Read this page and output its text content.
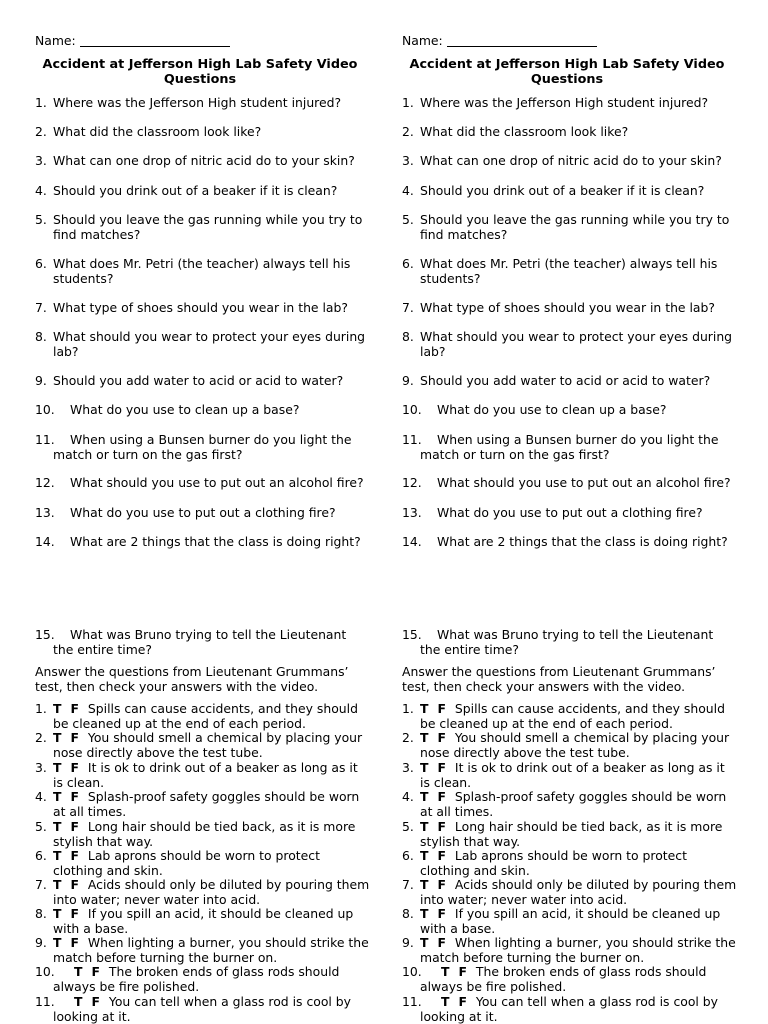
Name:
Accident at Jefferson High Lab Safety Video Questions
1. Where was the Jefferson High student injured?
2. What did the classroom look like?
3. What can one drop of nitric acid do to your skin?
4. Should you drink out of a beaker if it is clean?
5. Should you leave the gas running while you try to find matches?
6. What does Mr. Petri (the teacher) always tell his students?
7. What type of shoes should you wear in the lab?
8. What should you wear to protect your eyes during lab?
9. Should you add water to acid or acid to water?
10.	What do you use to clean up a base?
11.	When using a Bunsen burner do you light the match or turn on the gas first?
12.	What should you use to put out an alcohol fire?
13.	What do you use to put out a clothing fire?
14.	What are 2 things that the class is doing right?
15.	What was Bruno trying to tell the Lieutenant the entire time?
Answer the questions from Lieutenant Grummans’ test, then check your answers with the video.
1. T F Spills can cause accidents, and they should be cleaned up at the end of each period.
2. T F You should smell a chemical by placing your nose directly above the test tube.
3. T F It is ok to drink out of a beaker as long as it is clean.
4. T F Splash-proof safety goggles should be worn at all times.
5. T F Long hair should be tied back, as it is more stylish that way.
6. T F Lab aprons should be worn to protect clothing and skin.
7. T F Acids should only be diluted by pouring them into water; never water into acid.
8. T F If you spill an acid, it should be cleaned up with a base.
9. T F When lighting a burner, you should strike the match before turning the burner on.
10.	T F The broken ends of glass rods should always be fire polished.
11.	T F You can tell when a glass rod is cool by looking at it.
Name:
Accident at Jefferson High Lab Safety Video Questions
1. Where was the Jefferson High student injured?
2. What did the classroom look like?
3. What can one drop of nitric acid do to your skin?
4. Should you drink out of a beaker if it is clean?
5. Should you leave the gas running while you try to find matches?
6. What does Mr. Petri (the teacher) always tell his students?
7. What type of shoes should you wear in the lab?
8. What should you wear to protect your eyes during lab?
9. Should you add water to acid or acid to water?
10.	What do you use to clean up a base?
11.	When using a Bunsen burner do you light the match or turn on the gas first?
12.	What should you use to put out an alcohol fire?
13.	What do you use to put out a clothing fire?
14.	What are 2 things that the class is doing right?
15.	What was Bruno trying to tell the Lieutenant the entire time?
Answer the questions from Lieutenant Grummans’ test, then check your answers with the video.
1. T F Spills can cause accidents, and they should be cleaned up at the end of each period.
2. T F You should smell a chemical by placing your nose directly above the test tube.
3. T F It is ok to drink out of a beaker as long as it is clean.
4. T F Splash-proof safety goggles should be worn at all times.
5. T F Long hair should be tied back, as it is more stylish that way.
6. T F Lab aprons should be worn to protect clothing and skin.
7. T F Acids should only be diluted by pouring them into water; never water into acid.
8. T F If you spill an acid, it should be cleaned up with a base.
9. T F When lighting a burner, you should strike the match before turning the burner on.
10.	T F The broken ends of glass rods should always be fire polished.
11.	T F You can tell when a glass rod is cool by looking at it.
